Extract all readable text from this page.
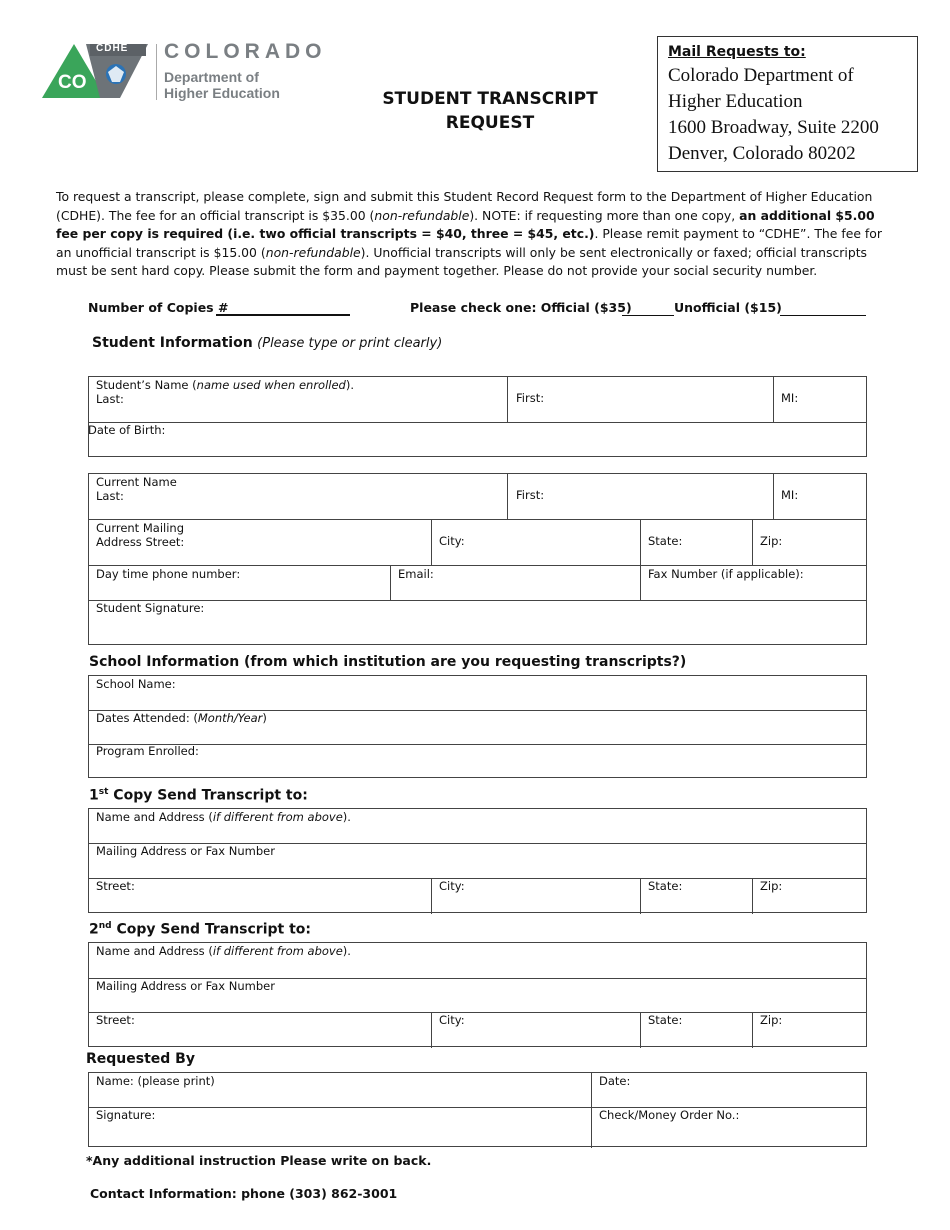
CDHE
CO
COLORADO
Department of
Higher Education	STUDENT TRANSCRIPT
REQUEST
Mail Requests to:
Colorado Department of
Higher Education
1600 Broadway, Suite 2200
Denver, Colorado 80202
To request a transcript, please complete, sign and submit this Student Record Request form to the Department of Higher Education (CDHE). The fee for an official transcript is $35.00 (non-refundable). NOTE: if requesting more than one copy, an additional $5.00 fee per copy is required (i.e. two official transcripts = $40, three = $45, etc.). Please remit payment to “CDHE”. The fee for an unofficial transcript is $15.00 (non-refundable). Unofficial transcripts will only be sent electronically or faxed; official transcripts must be sent hard copy. Please submit the form and payment together. Please do not provide your social security number.
Number of Copies #	Please check one: Official ($35)	Unofficial ($15)
Student Information (Please type or print clearly)
Student’s Name (name used when enrolled).
Last:	First:	MI:
Date of Birth:
Current Name
Last:	First:	MI:
Current Mailing
Address Street:	City:	State:	Zip:
Day time phone number:	Email:	Fax Number (if applicable):
Student Signature:
School Information (from which institution are you requesting transcripts?)
School Name:
Dates Attended: (Month/Year)
Program Enrolled:
1st Copy Send Transcript to:
Name and Address (if different from above).
Mailing Address or Fax Number
Street:	City:	State:	Zip:
2nd Copy Send Transcript to:
Name and Address (if different from above).
Mailing Address or Fax Number
Street:	City:	State:	Zip:
Requested By
Name: (please print)	Date:
Signature:	Check/Money Order No.:
*Any additional instruction Please write on back.
Contact Information: phone (303) 862-3001
